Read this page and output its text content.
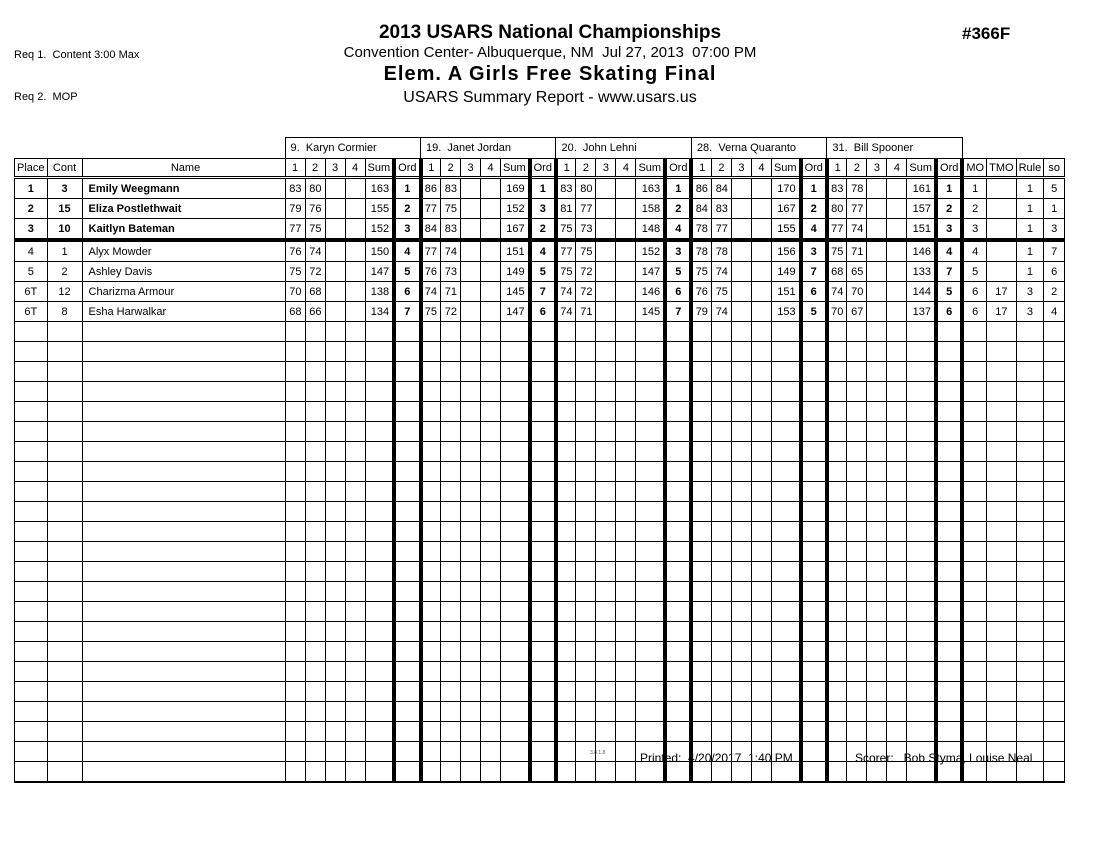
Req 1.  Content 3:00 Max

Req 2.  MOP

2013 USARS National Championships
Convention Center- Albuquerque, NM  Jul 27, 2013  07:00 PM
Elem. A Girls Free Skating Final
USARS Summary Report - www.usars.us
#366F
			9.  Karyn Cormier						19.  Janet Jordan						20.  John Lehni						28.  Verna Quaranto						31.  Bill Spooner									
Place	Cont	Name	1	2	3	4	Sum	Ord	1	2	3	4	Sum	Ord	1	2	3	4	Sum	Ord	1	2	3	4	Sum	Ord	1	2	3	4	Sum	Ord	MO	TMO	Rule	so
1	3	Emily Weegmann	83	80			163	1	86	83			169	1	83	80			163	1	86	84			170	1	83	78			161	1	1		1	5
2	15	Eliza Postlethwait	79	76			155	2	77	75			152	3	81	77			158	2	84	83			167	2	80	77			157	2	2		1	1
3	10	Kaitlyn Bateman	77	75			152	3	84	83			167	2	75	73			148	4	78	77			155	4	77	74			151	3	3		1	3
4	1	Alyx Mowder	76	74			150	4	77	74			151	4	77	75			152	3	78	78			156	3	75	71			146	4	4		1	7
5	2	Ashley Davis	75	72			147	5	76	73			149	5	75	72			147	5	75	74			149	7	68	65			133	7	5		1	6
6T	12	Charizma Armour	70	68			138	6	74	71			145	7	74	72			146	6	76	75			151	6	74	70			144	5	6	17	3	2
6T	8	Esha Harwalkar	68	66			134	7	75	72			147	6	74	71			145	7	79	74			153	5	70	67			137	6	6	17	3	4

3.8.1.8	Printed:  4/20/2017  1:40 PM	Scorer:   Bob Styma, Louise Neal
